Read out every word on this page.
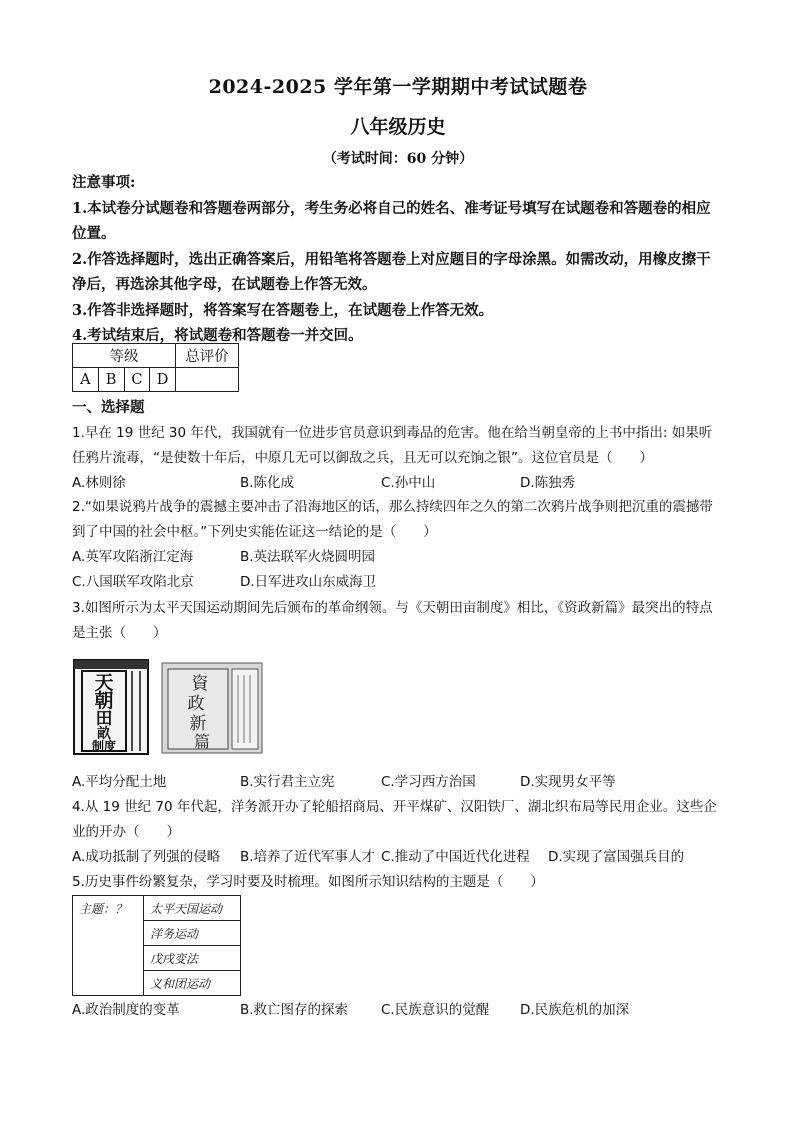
2024-2025 学年第一学期期中考试试题卷
八年级历史
（考试时间：60 分钟）

注意事项:

1.本试卷分试题卷和答题卷两部分，考生务必将自己的姓名、准考证号填写在试题卷和答题卷的相应位置。

2.作答选择题时，选出正确答案后，用铅笔将答题卷上对应题目的字母涂黑。如需改动，用橡皮擦干净后，再选涂其他字母，在试题卷上作答无效。

3.作答非选择题时，将答案写在答题卷上，在试题卷上作答无效。

4.考试结束后，将试题卷和答题卷一并交回。

等级				总评价
A	B	C	D	
一、选择题

1.早在 19 世纪 30 年代，我国就有一位进步官员意识到毒品的危害。他在给当朝皇帝的上书中指出: 如果听任鸦片流毒，“是使数十年后，中原几无可以御敌之兵，且无可以充饷之银”。这位官员是（　　）

A.林则徐	B.陈化成	C.孙中山	D.陈独秀

2.“如果说鸦片战争的震撼主要冲击了沿海地区的话，那么持续四年之久的第二次鸦片战争则把沉重的震撼带到了中国的社会中枢。”下列史实能佐证这一结论的是（　　）

A.英军攻陷浙江定海	B.英法联军火烧圆明园
C.八国联军攻陷北京	D.日军进攻山东威海卫

3.如图所示为太平天国运动期间先后颁布的革命纲领。与《天朝田亩制度》相比，《资政新篇》最突出的特点是主张（　　）

天
朝
田
畝
制度
資
政
新
篇
A.平均分配土地	B.实行君主立宪	C.学习西方治国	D.实现男女平等

4.从 19 世纪 70 年代起，洋务派开办了轮船招商局、开平煤矿、汉阳铁厂、湖北织布局等民用企业。这些企业的开办（　　）

A.成功抵制了列强的侵略	B.培养了近代军事人才 C.推动了中国近代化进程	D.实现了富国强兵目的

5.历史事件纷繁复杂，学习时要及时梳理。如图所示知识结构的主题是（　　）

主题：？	太平天国运动
洋务运动
戊戌变法
义和团运动
A.政治制度的变革	B.救亡图存的探索	C.民族意识的觉醒	D.民族危机的加深
